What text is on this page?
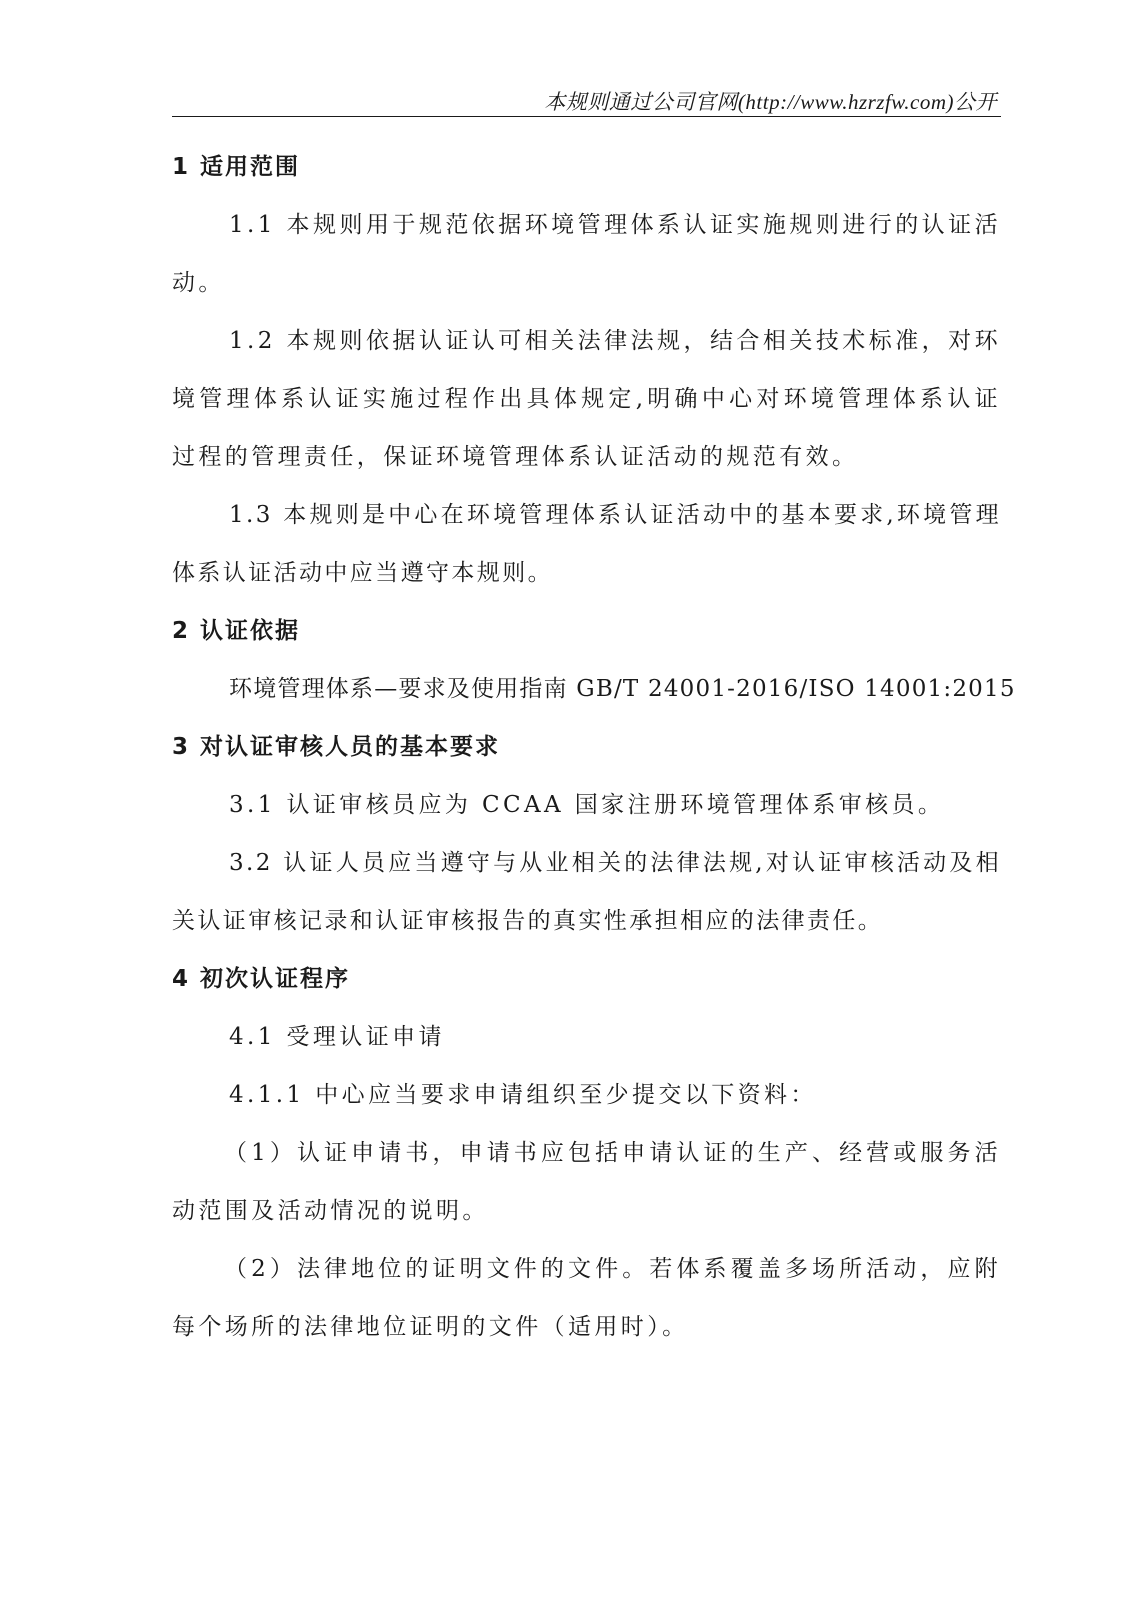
本规则通过公司官网(http://www.hzrzfw.com)公开
1 适用范围

1.1 本规则用于规范依据环境管理体系认证实施规则进行的认证活动。

1.2 本规则依据认证认可相关法律法规，结合相关技术标准，对环境管理体系认证实施过程作出具体规定,明确中心对环境管理体系认证过程的管理责任，保证环境管理体系认证活动的规范有效。

1.3 本规则是中心在环境管理体系认证活动中的基本要求,环境管理体系认证活动中应当遵守本规则。

2 认证依据

环境管理体系—要求及使用指南 GB/T 24001-2016/ISO 14001:2015

3 对认证审核人员的基本要求

3.1 认证审核员应为 CCAA 国家注册环境管理体系审核员。

3.2 认证人员应当遵守与从业相关的法律法规,对认证审核活动及相关认证审核记录和认证审核报告的真实性承担相应的法律责任。

4 初次认证程序

4.1 受理认证申请

4.1.1 中心应当要求申请组织至少提交以下资料：

（1）认证申请书，申请书应包括申请认证的生产、经营或服务活动范围及活动情况的说明。

（2）法律地位的证明文件的文件。若体系覆盖多场所活动，应附每个场所的法律地位证明的文件（适用时）。
